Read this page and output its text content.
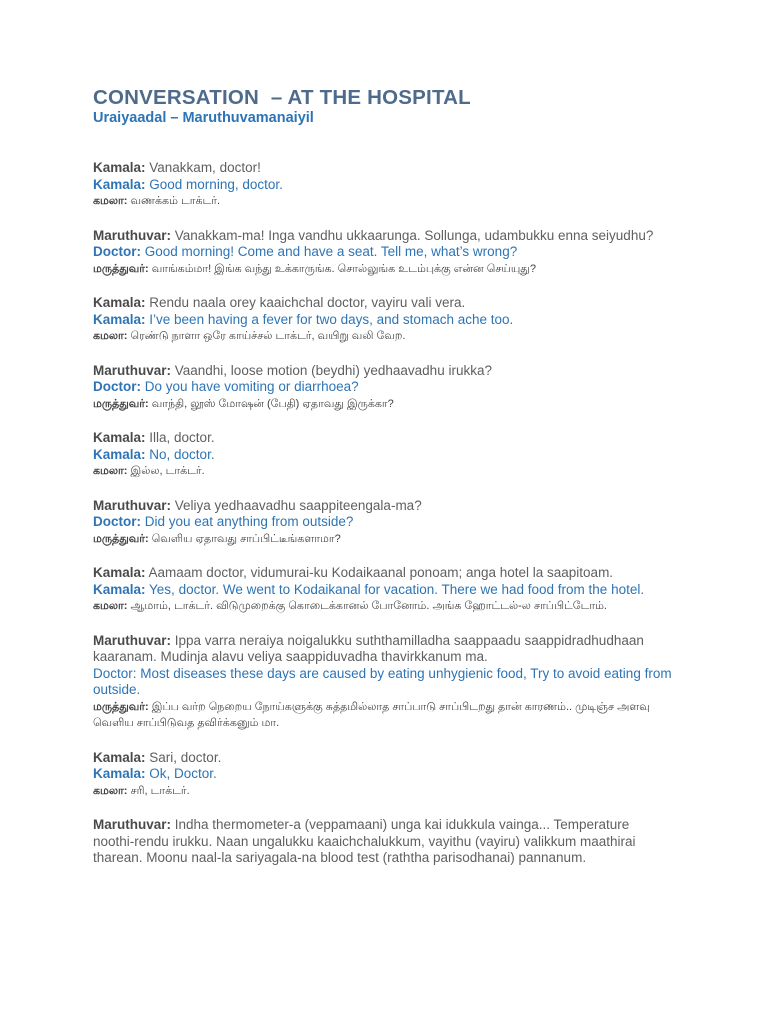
CONVERSATION  – AT THE HOSPITAL
Uraiyaadal – Maruthuvamanaiyil
Kamala: Vanakkam, doctor!
Kamala: Good morning, doctor.
கமலா: வணக்கம் டாக்டர்.
Maruthuvar: Vanakkam-ma! Inga vandhu ukkaarunga. Sollunga, udambukku enna seiyudhu?
Doctor: Good morning! Come and have a seat. Tell me, what’s wrong?
மருத்துவர்: வாங்கம்மா! இங்க வந்து உக்காருங்க. சொல்லுங்க உடம்புக்கு என்ன செய்யுது?
Kamala: Rendu naala orey kaaichchal doctor, vayiru vali vera.
Kamala: I’ve been having a fever for two days, and stomach ache too.
கமலா: ரெண்டு நாளா ஒரே காய்ச்சல் டாக்டர், வயிறு வலி வேற.
Maruthuvar: Vaandhi, loose motion (beydhi) yedhaavadhu irukka?
Doctor: Do you have vomiting or diarrhoea?
மருத்துவர்: வாந்தி, லூஸ் மோஷன் (பேதி) ஏதாவது இருக்கா?
Kamala: Illa, doctor.
Kamala: No, doctor.
கமலா: இல்ல, டாக்டர்.
Maruthuvar: Veliya yedhaavadhu saappiteengala-ma?
Doctor: Did you eat anything from outside?
மருத்துவர்: வெளிய ஏதாவது சாப்பிட்டீங்களாமா?
Kamala: Aamaam doctor, vidumurai-ku Kodaikaanal ponoam; anga hotel la saapitoam.
Kamala: Yes, doctor. We went to Kodaikanal for vacation. There we had food from the hotel.
கமலா: ஆமாம், டாக்டர். விடுமுறைக்கு கொடைக்கானல் போனோம். அங்க ஹோட்டல்-ல சாப்பிட்டோம்.
Maruthuvar: Ippa varra neraiya noigalukku suththamilladha saappaadu saappidradhudhaan kaaranam. Mudinja alavu veliya saappiduvadha thavirkkanum ma.
Doctor: Most diseases these days are caused by eating unhygienic food, Try to avoid eating from outside.
மருத்துவர்: இப்ப வர்ற நெறைய நோய்களுக்கு சுத்தமில்லாத சாப்பாடு சாப்பிடறது தான் காரணம்.. முடிஞ்ச அளவு வெளிய சாப்பிடுவத தவிர்க்கனும் மா.
Kamala: Sari, doctor.
Kamala: Ok, Doctor.
கமலா: சரி, டாக்டர்.
Maruthuvar: Indha thermometer-a (veppamaani) unga kai idukkula vainga... Temperature noothi-rendu irukku. Naan ungalukku kaaichchalukkum, vayithu (vayiru) valikkum maathirai tharean. Moonu naal-la sariyagala-na blood test (raththa parisodhanai) pannanum.
